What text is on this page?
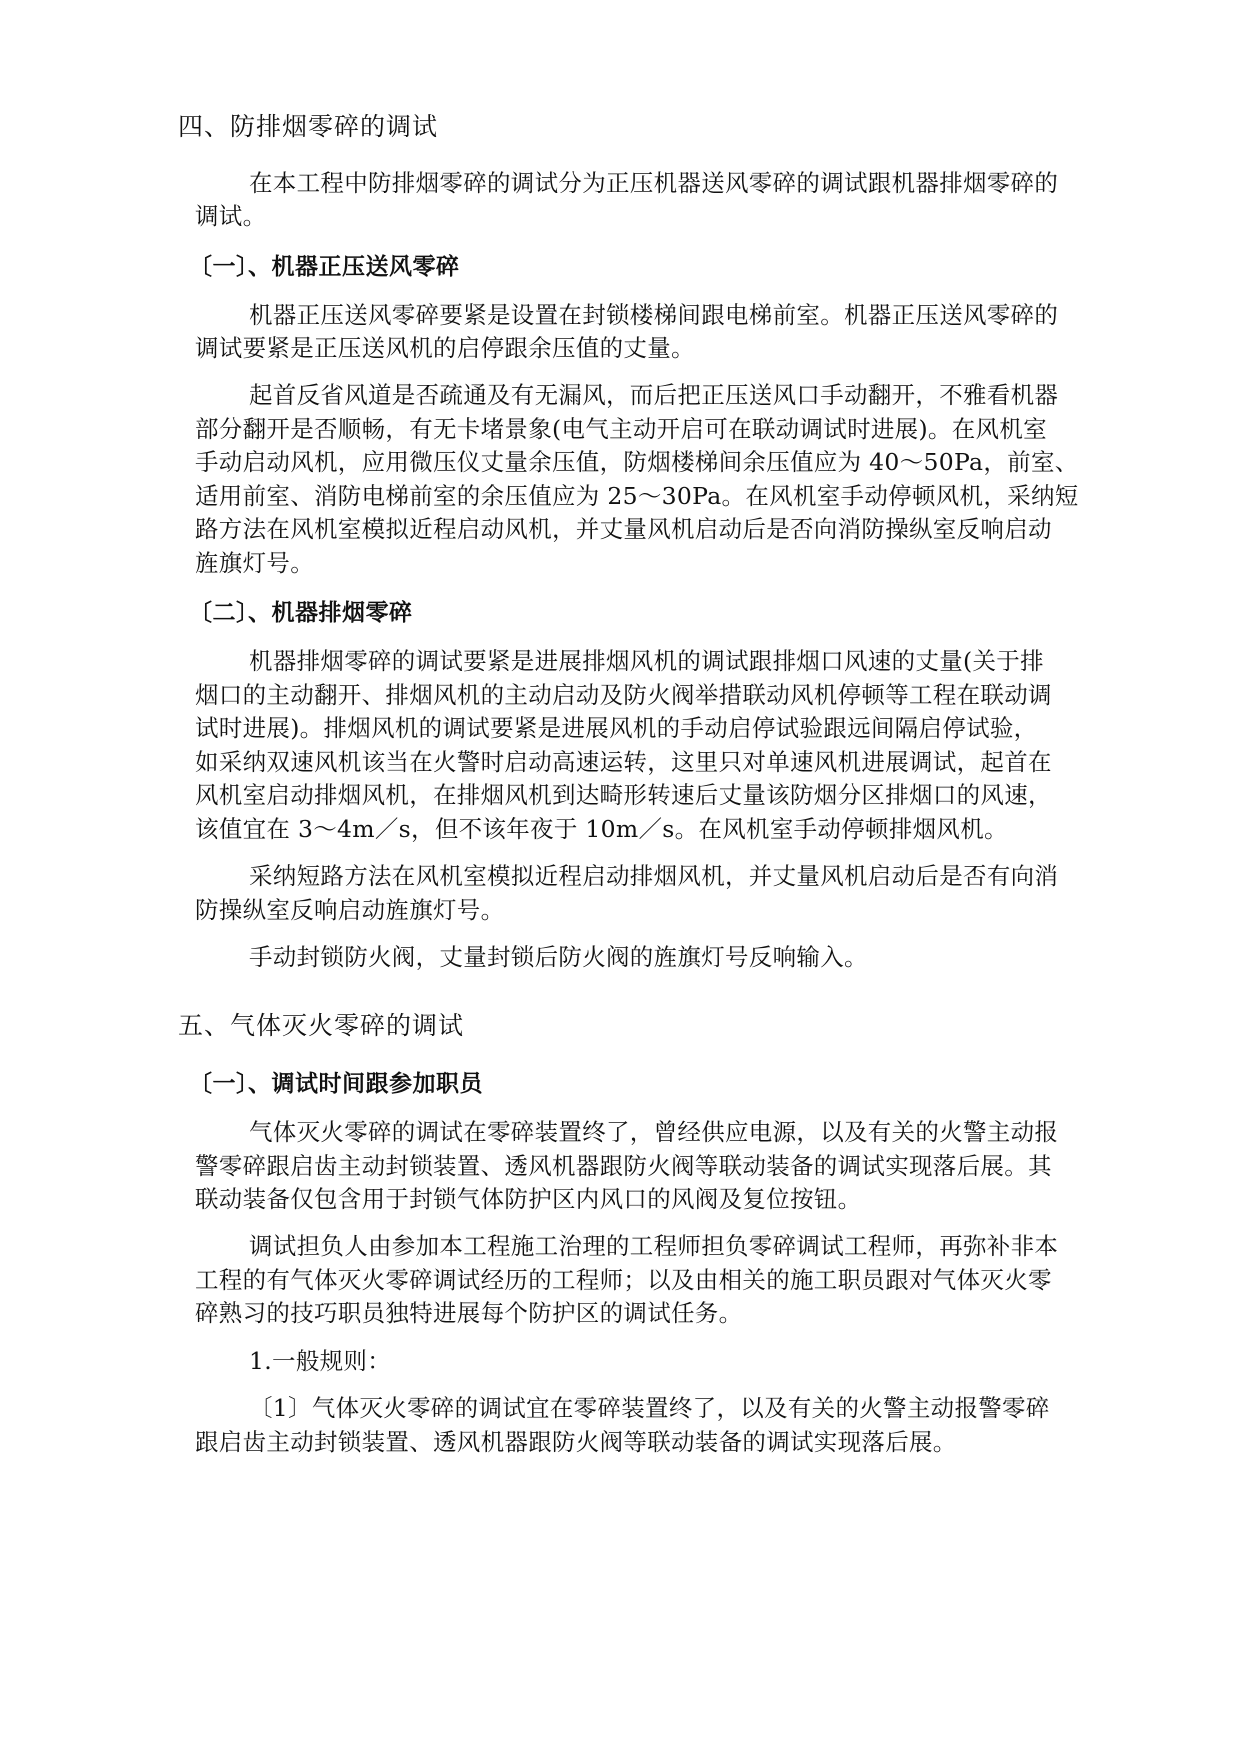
四、防排烟零碎的调试
在本工程中防排烟零碎的调试分为正压机器送风零碎的调试跟机器排烟零碎的
调试。
〔一〕、机器正压送风零碎
机器正压送风零碎要紧是设置在封锁楼梯间跟电梯前室。机器正压送风零碎的
调试要紧是正压送风机的启停跟余压值的丈量。
起首反省风道是否疏通及有无漏风，而后把正压送风口手动翻开，不雅看机器
部分翻开是否顺畅，有无卡堵景象(电气主动开启可在联动调试时进展)。在风机室
手动启动风机，应用微压仪丈量余压值，防烟楼梯间余压值应为 40～50Pa，前室、
适用前室、消防电梯前室的余压值应为 25～30Pa。在风机室手动停顿风机，采纳短
路方法在风机室模拟近程启动风机，并丈量风机启动后是否向消防操纵室反响启动
旌旗灯号。
〔二〕、机器排烟零碎
机器排烟零碎的调试要紧是进展排烟风机的调试跟排烟口风速的丈量(关于排
烟口的主动翻开、排烟风机的主动启动及防火阀举措联动风机停顿等工程在联动调
试时进展)。排烟风机的调试要紧是进展风机的手动启停试验跟远间隔启停试验，
如采纳双速风机该当在火警时启动高速运转，这里只对单速风机进展调试，起首在
风机室启动排烟风机，在排烟风机到达畸形转速后丈量该防烟分区排烟口的风速，
该值宜在 3～4m／s，但不该年夜于 10m／s。在风机室手动停顿排烟风机。
采纳短路方法在风机室模拟近程启动排烟风机，并丈量风机启动后是否有向消
防操纵室反响启动旌旗灯号。
手动封锁防火阀，丈量封锁后防火阀的旌旗灯号反响输入。
五、气体灭火零碎的调试
〔一〕、调试时间跟参加职员
气体灭火零碎的调试在零碎装置终了，曾经供应电源，以及有关的火警主动报
警零碎跟启齿主动封锁装置、透风机器跟防火阀等联动装备的调试实现落后展。其
联动装备仅包含用于封锁气体防护区内风口的风阀及复位按钮。
调试担负人由参加本工程施工治理的工程师担负零碎调试工程师，再弥补非本
工程的有气体灭火零碎调试经历的工程师；以及由相关的施工职员跟对气体灭火零
碎熟习的技巧职员独特进展每个防护区的调试任务。
1.一般规则：
〔1〕气体灭火零碎的调试宜在零碎装置终了，以及有关的火警主动报警零碎
跟启齿主动封锁装置、透风机器跟防火阀等联动装备的调试实现落后展。
